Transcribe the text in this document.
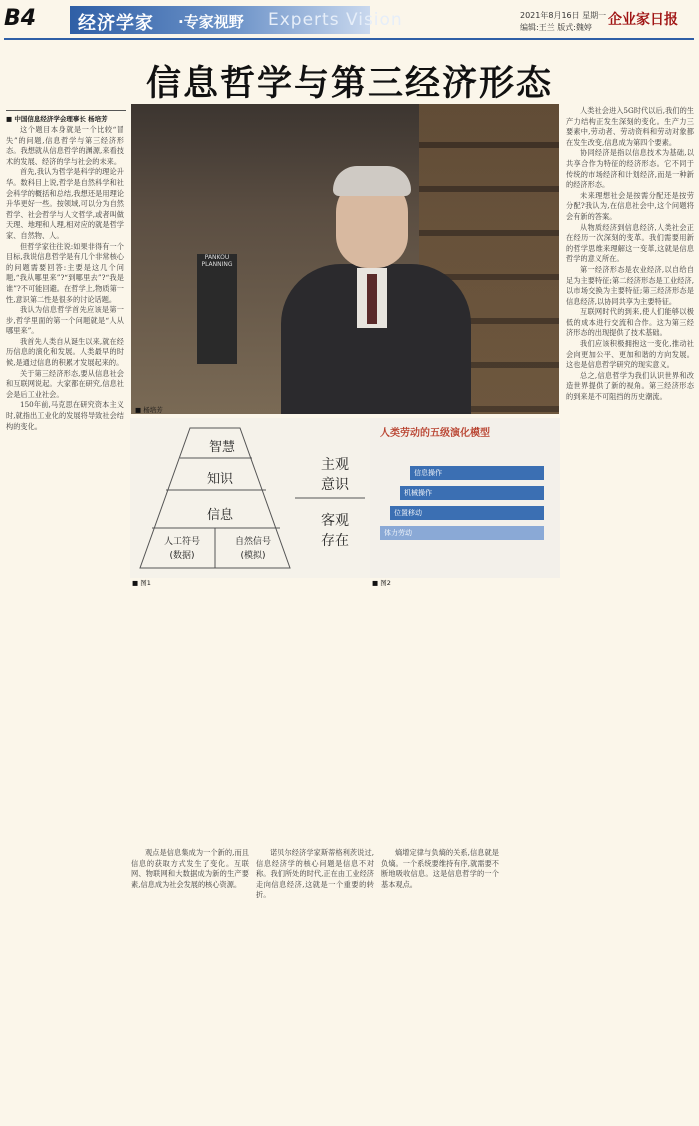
B4 经济学家 ·专家视野 Experts Vision	2021年8月16日 星期一
编辑:王兰 版式:魏婷 企业家日报
信息哲学与第三经济形态
■ 中国信息经济学会理事长 杨培芳
PANKOU PLANNING
■ 杨培芳
智慧
知识
信息
人工符号
(数据)
自然信号
(模拟)
主观
意识
客观
存在
■ 图1
人类劳动的五级演化模型
信息操作
机械操作
位置移动
体力劳动
■ 图2

这个题目本身就是一个比较“冒失”的问题,信息哲学与第三经济形态。我想就从信息哲学的渊源,来看技术的发展、经济的学与社会的未来。

首先,我认为哲学是科学的理论升华。数科目上说,哲学是自然科学和社会科学的概括和总结,我想还是用理论升华更好一些。按领域,可以分为自然哲学、社会哲学与人文哲学,或者叫做天理、地理和人理,相对应的就是哲学家、自然物、人。

但哲学家往往说:如果非得有一个目标,我说信息哲学是有几个非常核心的问题需要回答:主要是这几个问题,“我从哪里来”?“到哪里去”?“我是谁”?不可能回避。在哲学上,物质第一性,意识第二性是很多的讨论话题。

我认为信息哲学首先应该是第一步,哲学里面的第一个问题就是“人从哪里来”。

我首先人类自从诞生以来,就在经历信息的演化和发展。人类最早的时候,是通过信息的积累才发展起来的。

关于第三经济形态,要从信息社会和互联网说起。大家都在研究,信息社会是后工业社会。

150年前,马克思在研究资本主义时,就指出工业化的发展将导致社会结构的变化。

观点是信息集成为一个新的,而且信息的获取方式发生了变化。互联网、物联网和大数据成为新的生产要素,信息成为社会发展的核心资源。

诺贝尔经济学家斯蒂格利茨说过,信息经济学的核心问题是信息不对称。我们所处的时代,正在由工业经济走向信息经济,这就是一个重要的转折。

熵增定律与负熵的关系,信息就是负熵。一个系统要维持有序,就需要不断地吸收信息。这是信息哲学的一个基本观点。

人类社会进入5G时代以后,我们的生产力结构正发生深刻的变化。生产力三要素中,劳动者、劳动资料和劳动对象都在发生改变,信息成为第四个要素。

协同经济是指以信息技术为基础,以共享合作为特征的经济形态。它不同于传统的市场经济和计划经济,而是一种新的经济形态。

未来理想社会是按需分配还是按劳分配?我认为,在信息社会中,这个问题将会有新的答案。

从物质经济到信息经济,人类社会正在经历一次深刻的变革。我们需要用新的哲学思维来理解这一变革,这就是信息哲学的意义所在。

第一经济形态是农业经济,以自给自足为主要特征;第二经济形态是工业经济,以市场交换为主要特征;第三经济形态是信息经济,以协同共享为主要特征。

互联网时代的到来,使人们能够以极低的成本进行交流和合作。这为第三经济形态的出现提供了技术基础。

我们应该积极拥抱这一变化,推动社会向更加公平、更加和谐的方向发展。这也是信息哲学研究的现实意义。

总之,信息哲学为我们认识世界和改造世界提供了新的视角。第三经济形态的到来是不可阻挡的历史潮流。
